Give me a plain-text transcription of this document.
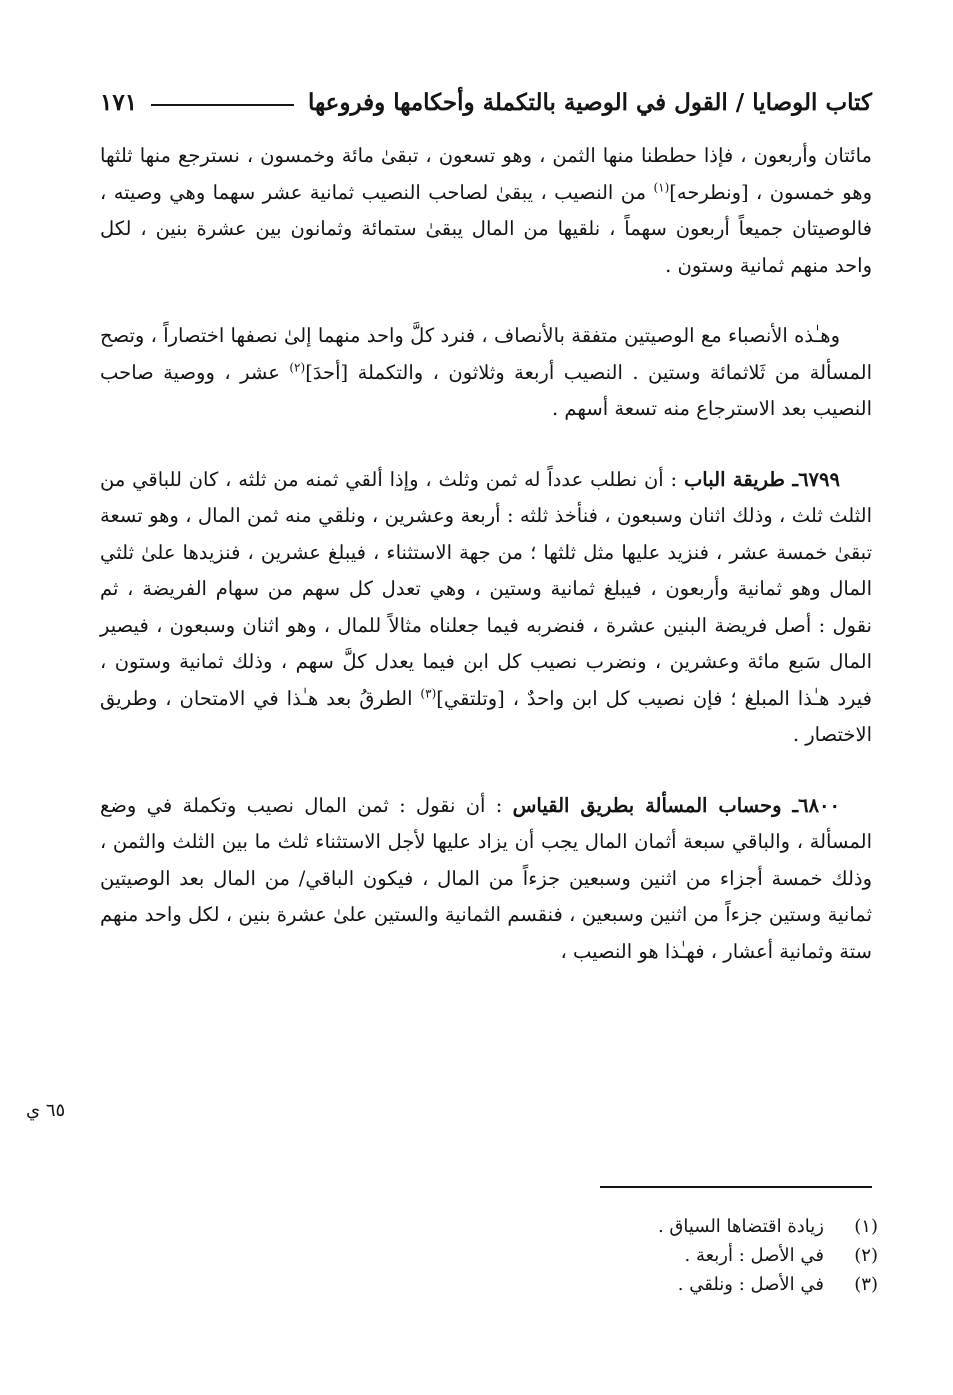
كتاب الوصايا / القول في الوصية بالتكملة وأحكامها وفروعها
١٧١

مائتان وأربعون ، فإذا حططنا منها الثمن ، وهو تسعون ، تبقىٰ مائة وخمسون ، نسترجع منها ثلثها وهو خمسون ، [ونطرحه]$^{(١)}$ من النصيب ، يبقىٰ لصاحب النصيب ثمانية عشر سهما وهي وصيته ، فالوصيتان جميعاً أربعون سهماً ، نلقيها من المال يبقىٰ ستمائة وثمانون بين عشرة بنين ، لكل واحد منهم ثمانية وستون .

وهـٰذه الأنصباء مع الوصيتين متفقة بالأنصاف ، فنرد كلَّ واحد منهما إلىٰ نصفها اختصاراً ، وتصح المسألة من ثَلاثمائة وستين . النصيب أربعة وثلاثون ، والتكملة [أحدَ]$^{(٢)}$ عشر ، ووصية صاحب النصيب بعد الاسترجاع منه تسعة أسهم .

٦٧٩٩ـ طريقة الباب : أن نطلب عدداً له ثمن وثلث ، وإذا ألقي ثمنه من ثلثه ، كان للباقي من الثلث ثلث ، وذلك اثنان وسبعون ، فنأخذ ثلثه : أربعة وعشرين ، ونلقي منه ثمن المال ، وهو تسعة تبقىٰ خمسة عشر ، فنزيد عليها مثل ثلثها ؛ من جهة الاستثناء ، فيبلغ عشرين ، فنزيدها علىٰ ثلثي المال وهو ثمانية وأربعون ، فيبلغ ثمانية وستين ، وهي تعدل كل سهم من سهام الفريضة ، ثم نقول : أصل فريضة البنين عشرة ، فنضربه فيما جعلناه مثالاً للمال ، وهو اثنان وسبعون ، فيصير المال سَبع مائة وعشرين ، ونضرب نصيب كل ابن فيما يعدل كلَّ سهم ، وذلك ثمانية وستون ، فيرد هـٰذا المبلغ ؛ فإن نصيب كل ابن واحدٌ ، [وتلتقي]$^{(٣)}$ الطرقُ بعد هـٰذا في الامتحان ، وطريق الاختصار .

٦٨٠٠ـ وحساب المسألة بطريق القياس : أن نقول : ثمن المال نصيب وتكملة في وضع المسألة ، والباقي سبعة أثمان المال يجب أن يزاد عليها لأجل الاستثناء ثلث ما بين الثلث والثمن ، وذلك خمسة أجزاء من اثنين وسبعين جزءاً من المال ، فيكون الباقي/ من المال بعد الوصيتين ثمانية وستين جزءاً من اثنين وسبعين ، فنقسم الثمانية والستين علىٰ عشرة بنين ، لكل واحد منهم ستة وثمانية أعشار ، فهـٰذا هو النصيب ،

٦٥ ي
(١)
زيادة اقتضاها السياق .
(٢)
في الأصل : أربعة .
(٣)
في الأصل : ونلقي .
